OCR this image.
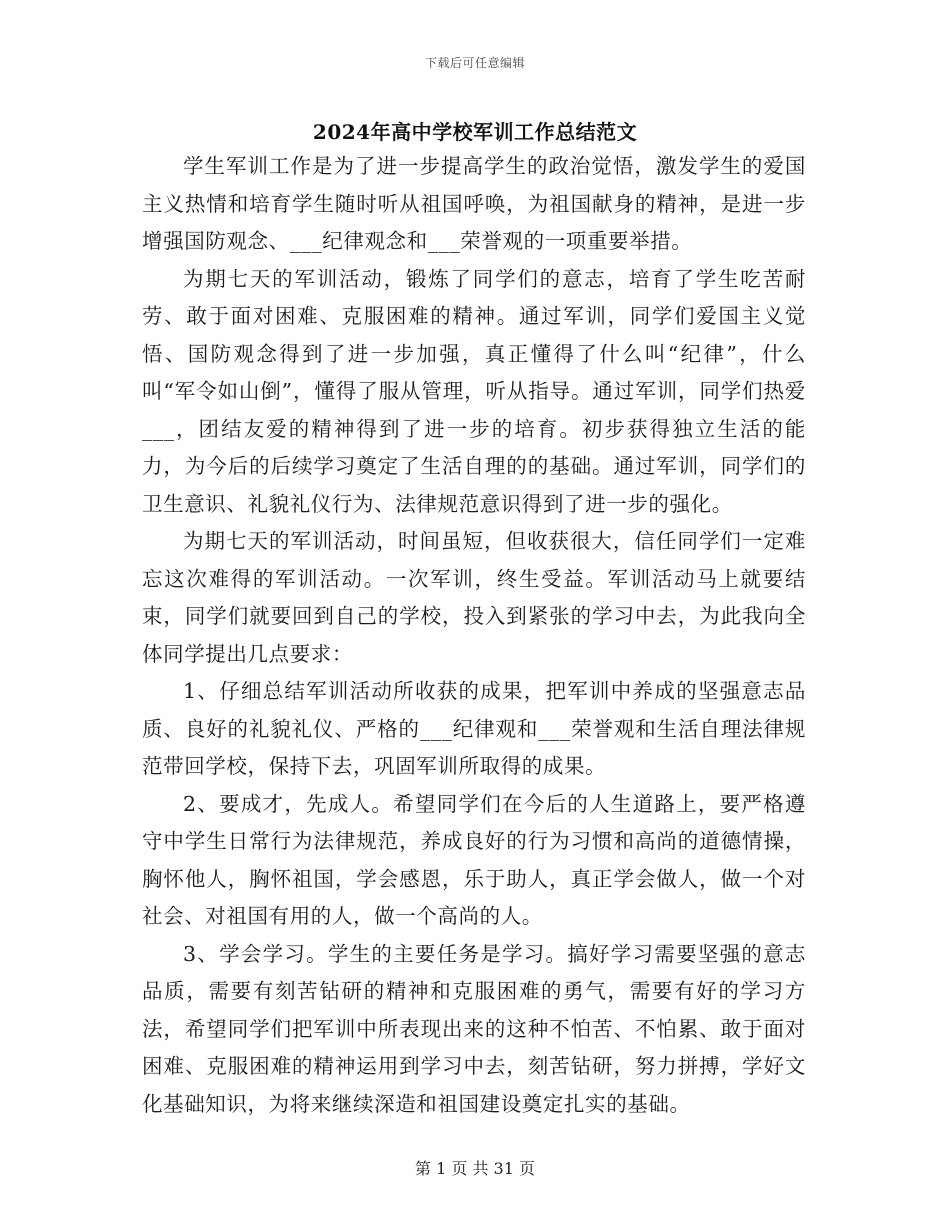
下载后可任意编辑
2024年高中学校军训工作总结范文

学生军训工作是为了进一步提高学生的政治觉悟，激发学生的爱国主义热情和培育学生随时听从祖国呼唤，为祖国献身的精神，是进一步增强国防观念、___纪律观念和___荣誉观的一项重要举措。

为期七天的军训活动，锻炼了同学们的意志，培育了学生吃苦耐劳、敢于面对困难、克服困难的精神。通过军训，同学们爱国主义觉悟、国防观念得到了进一步加强，真正懂得了什么叫“纪律”，什么叫“军令如山倒”，懂得了服从管理，听从指导。通过军训，同学们热爱___，团结友爱的精神得到了进一步的培育。初步获得独立生活的能力，为今后的后续学习奠定了生活自理的的基础。通过军训，同学们的卫生意识、礼貌礼仪行为、法律规范意识得到了进一步的强化。

为期七天的军训活动，时间虽短，但收获很大，信任同学们一定难忘这次难得的军训活动。一次军训，终生受益。军训活动马上就要结束，同学们就要回到自己的学校，投入到紧张的学习中去，为此我向全体同学提出几点要求：

1、仔细总结军训活动所收获的成果，把军训中养成的坚强意志品质、良好的礼貌礼仪、严格的___纪律观和___荣誉观和生活自理法律规范带回学校，保持下去，巩固军训所取得的成果。

2、要成才，先成人。希望同学们在今后的人生道路上，要严格遵守中学生日常行为法律规范，养成良好的行为习惯和高尚的道德情操，胸怀他人，胸怀祖国，学会感恩，乐于助人，真正学会做人，做一个对社会、对祖国有用的人，做一个高尚的人。

3、学会学习。学生的主要任务是学习。搞好学习需要坚强的意志品质，需要有刻苦钻研的精神和克服困难的勇气，需要有好的学习方法，希望同学们把军训中所表现出来的这种不怕苦、不怕累、敢于面对困难、克服困难的精神运用到学习中去，刻苦钻研，努力拼搏，学好文化基础知识，为将来继续深造和祖国建设奠定扎实的基础。

第 1 页 共 31 页
